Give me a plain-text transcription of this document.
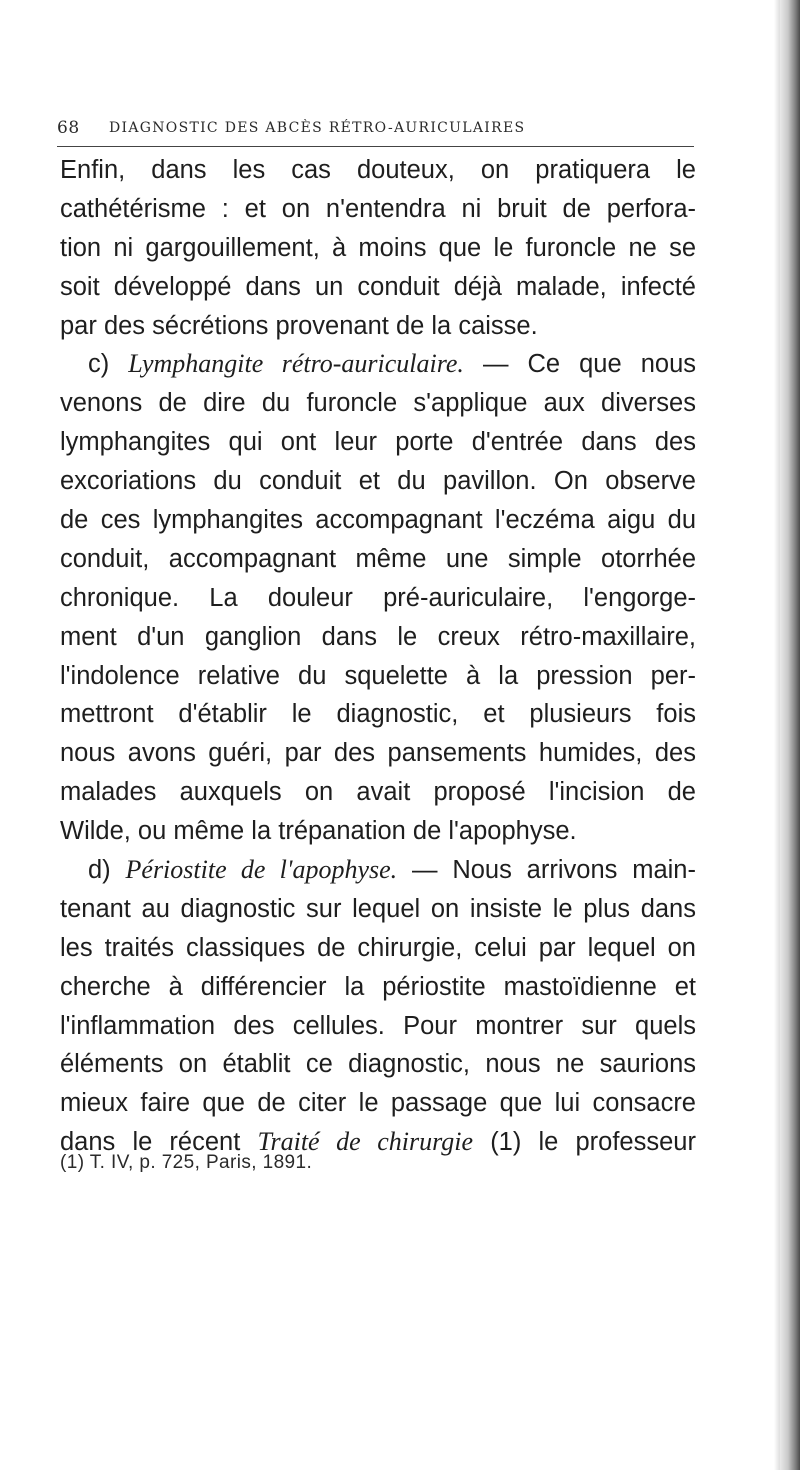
68 DIAGNOSTIC DES ABCÈS RÉTRO-AURICULAIRES
Enfin, dans les cas douteux, on pratiquera le
cathétérisme : et on n'entendra ni bruit de perfora-
tion ni gargouillement, à moins que le furoncle ne se
soit développé dans un conduit déjà malade, infecté
par des sécrétions provenant de la caisse.
c) Lymphangite rétro-auriculaire. — Ce que nous
venons de dire du furoncle s'applique aux diverses
lymphangites qui ont leur porte d'entrée dans des
excoriations du conduit et du pavillon. On observe
de ces lymphangites accompagnant l'eczéma aigu du
conduit, accompagnant même une simple otorrhée
chronique. La douleur pré-auriculaire, l'engorge-
ment d'un ganglion dans le creux rétro-maxillaire,
l'indolence relative du squelette à la pression per-
mettront d'établir le diagnostic, et plusieurs fois
nous avons guéri, par des pansements humides, des
malades auxquels on avait proposé l'incision de
Wilde, ou même la trépanation de l'apophyse.
d) Périostite de l'apophyse. — Nous arrivons main-
tenant au diagnostic sur lequel on insiste le plus dans
les traités classiques de chirurgie, celui par lequel on
cherche à différencier la périostite mastoïdienne et
l'inflammation des cellules. Pour montrer sur quels
éléments on établit ce diagnostic, nous ne saurions
mieux faire que de citer le passage que lui consacre
dans le récent Traité de chirurgie (1) le professeur
(1) T. IV, p. 725, Paris, 1891.
